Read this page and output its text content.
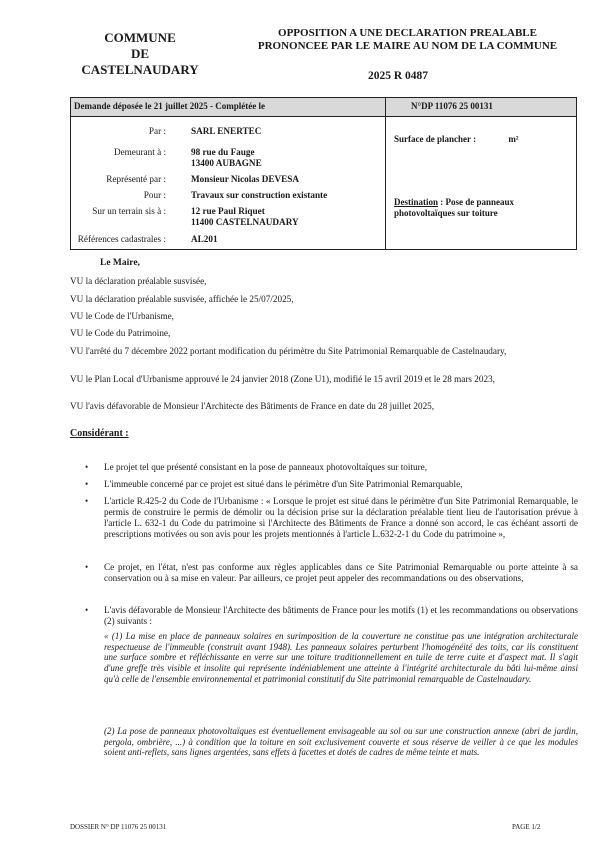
COMMUNE
DE
CASTELNAUDARY
OPPOSITION A UNE DECLARATION PREALABLE
PRONONCEE PAR LE MAIRE AU NOM DE LA COMMUNE
2025 R 0487
Demande déposée le 21 juillet 2025 - Complétée le	N°DP 11076 25 00131
Par :	SARL ENERTEC
Demeurant à :	98 rue du Fauge
13400 AUBAGNE
Représenté par :	Monsieur Nicolas DEVESA
Pour :	Travaux sur construction existante
Sur un terrain sis à :	12 rue Paul Riquet
11400 CASTELNAUDARY
Références cadastrales :	AL201
Surface de plancher :	m²
Destination : Pose de panneaux
photovoltaïques sur toiture
Le Maire,
VU la déclaration préalable susvisée,
VU la déclaration préalable susvisée, affichée le 25/07/2025,
VU le Code de l'Urbanisme,
VU le Code du Patrimoine,
VU l'arrêté du 7 décembre 2022 portant modification du périmètre du Site Patrimonial Remarquable de Castelnaudary,
VU le Plan Local d'Urbanisme approuvé le 24 janvier 2018 (Zone U1), modifié le 15 avril 2019 et le 28 mars 2023,
VU l'avis défavorable de Monsieur l'Architecte des Bâtiments de France en date du 28 juillet 2025,
Considérant :
•	Le projet tel que présenté consistant en la pose de panneaux photovoltaïques sur toiture,
•	L'immeuble concerné par ce projet est situé dans le périmètre d'un Site Patrimonial Remarquable,
•	L'article R.425-2 du Code de l'Urbanisme : « Lorsque le projet est situé dans le périmètre d'un Site Patrimonial Remarquable, le permis de construire le permis de démolir ou la décision prise sur la déclaration préalable tient lieu de l'autorisation prévue à l'article L. 632-1 du Code du patrimoine si l'Architecte des Bâtiments de France a donné son accord, le cas échéant assorti de prescriptions motivées ou son avis pour les projets mentionnés à l'article L.632-2-1 du Code du patrimoine »,
•	Ce projet, en l'état, n'est pas conforme aux règles applicables dans ce Site Patrimonial Remarquable ou porte atteinte à sa conservation ou à sa mise en valeur. Par ailleurs, ce projet peut appeler des recommandations ou des observations,
•	L'avis défavorable de Monsieur l'Architecte des bâtiments de France pour les motifs (1) et les recommandations ou observations (2) suivants :
« (1) La mise en place de panneaux solaires en surimposition de la couverture ne constitue pas une intégration architecturale respectueuse de l'immeuble (construit avant 1948). Les panneaux solaires perturbent l'homogénéité des toits, car ils constituent une surface sombre et réfléchissante en verre sur une toiture traditionnellement en tuile de terre cuite et d'aspect mat. Il s'agit d'une greffe très visible et insolite qui représente indéniablement une atteinte à l'intégrité architecturale du bâti lui-même ainsi qu'à celle de l'ensemble environnemental et patrimonial constitutif du Site patrimonial remarquable de Castelnaudary.
(2) La pose de panneaux photovoltaïques est éventuellement envisageable au sol ou sur une construction annexe (abri de jardin, pergola, ombrière, ...) à condition que la toiture en soit exclusivement couverte et sous réserve de veiller à ce que les modules soient anti-reflets, sans lignes argentées, sans effets à facettes et dotés de cadres de même teinte et mats.
DOSSIER N° DP 11076 25 00131	PAGE 1/2
